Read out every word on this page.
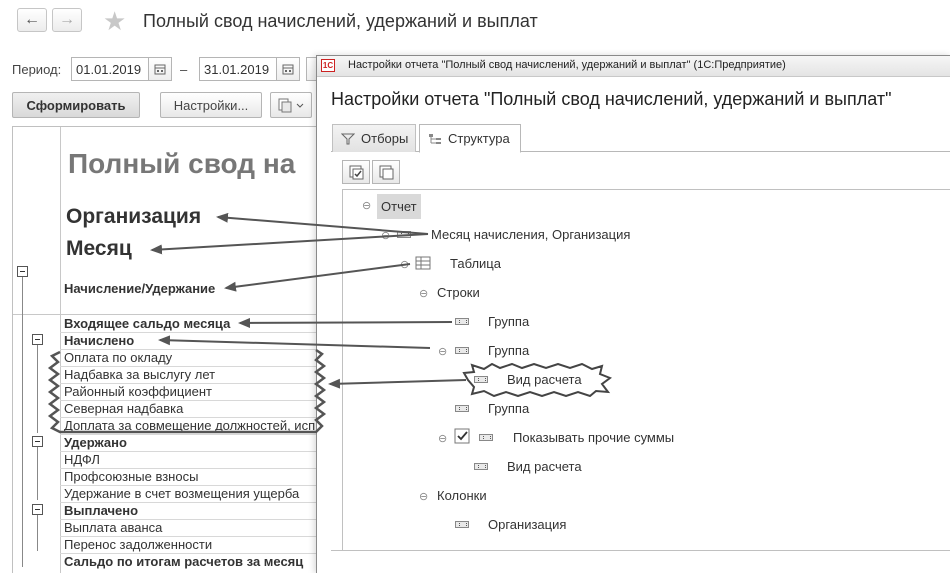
← → ★ Полный свод начислений, удержаний и выплат
Период:	01.01.2019	–	31.01.2019
Сформировать	Настройки...
Полный свод на
Организация
Месяц
Начисление/Удержание
Входящее сальдо месяца
Начислено
Оплата по окладу
Надбавка за выслугу лет
Районный коэффициент
Северная надбавка
Доплата за совмещение должностей, исп
Удержано
НДФЛ
Профсоюзные взносы
Удержание в счет возмещения ущерба
Выплачено
Выплата аванса
Перенос задолженности
Сальдо по итогам расчетов за месяц
1C Настройки отчета "Полный свод начислений, удержаний и выплат" (1С:Предприятие)
Настройки отчета "Полный свод начислений, удержаний и выплат"
Отборы	Структура
⊖ Отчет
⊖	Месяц начисления, Организация
⊖	Таблица
⊖ Строки
Группа
⊖	Группа
Вид расчета
Группа
⊖	Показывать прочие суммы
Вид расчета
⊖ Колонки
Организация
